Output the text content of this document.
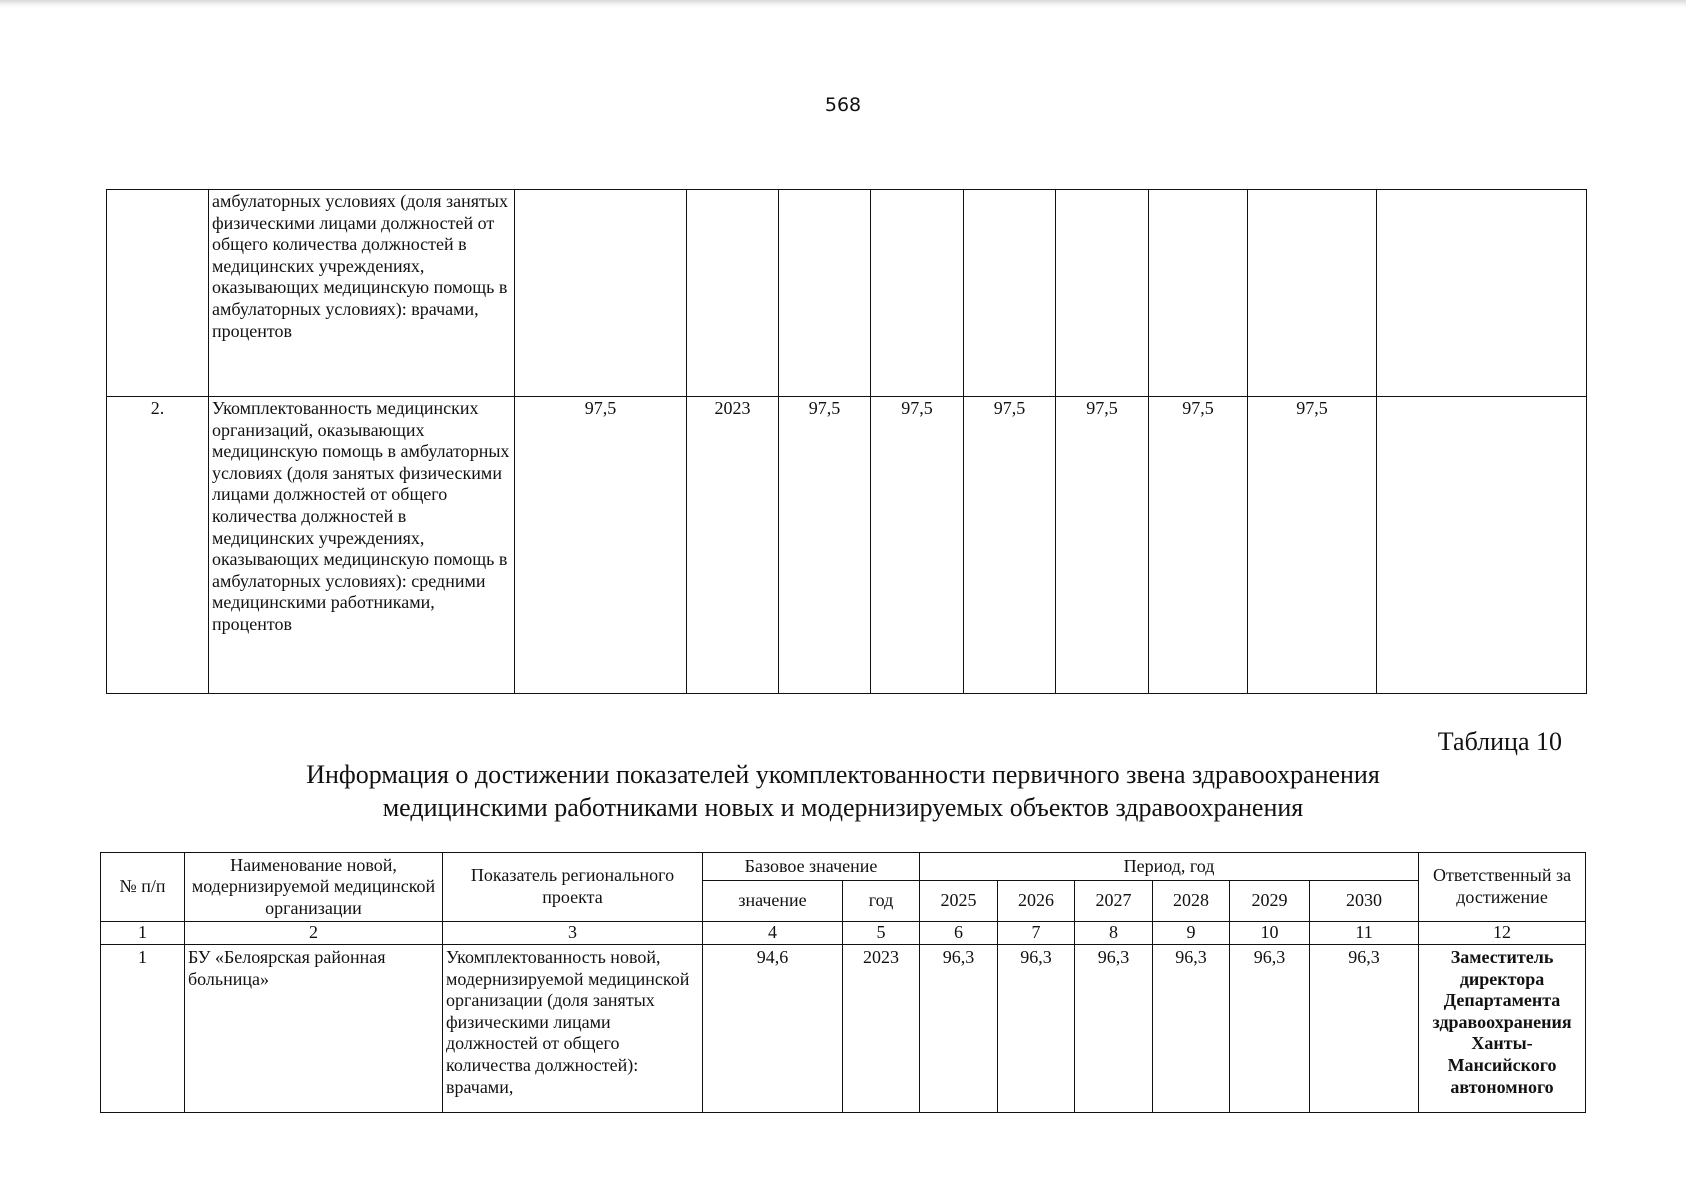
568
	амбулаторных условиях (доля занятых физическими лицами должностей от общего количества должностей в медицинских учреждениях, оказывающих медицинскую помощь в амбулаторных условиях): врачами, процентов									
2.	Укомплектованность медицинских организаций, оказывающих медицинскую помощь в амбулаторных условиях (доля занятых физическими лицами должностей от общего количества должностей в медицинских учреждениях, оказывающих медицинскую помощь в амбулаторных условиях): средними медицинскими работниками, процентов	97,5	2023	97,5	97,5	97,5	97,5	97,5	97,5	
Таблица 10
Информация о достижении показателей укомплектованности первичного звена здравоохранения
медицинскими работниками новых и модернизируемых объектов здравоохранения
№ п/п	Наименование новой, модернизируемой медицинской организации	Показатель регионального проекта	Базовое значение		Период, год						Ответственный за достижение
			значение	год	2025	2026	2027	2028	2029	2030	
1	2	3	4	5	6	7	8	9	10	11	12
1	БУ «Белоярская районная больница»	Укомплектованность новой, модернизируемой медицинской организации (доля занятых физическими лицами должностей от общего количества должностей): врачами,	94,6	2023	96,3	96,3	96,3	96,3	96,3	96,3	Заместитель директора Департамента здравоохранения Ханты-Мансийского автономного
